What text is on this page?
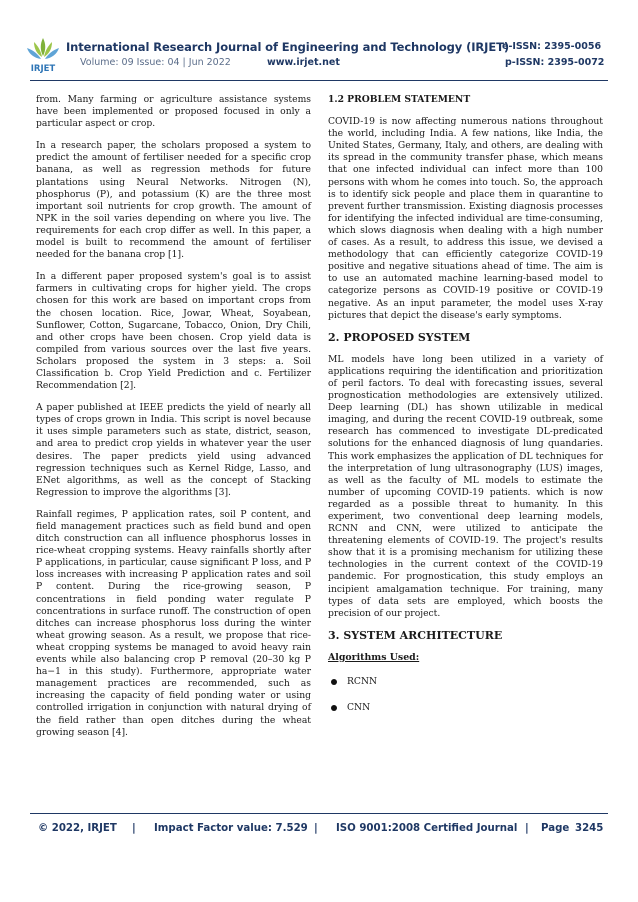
IRJET
International Research Journal of Engineering and Technology (IRJET)
e-ISSN: 2395-0056
Volume: 09 Issue: 04 | Jun 2022	www.irjet.net	p-ISSN: 2395-0072

from. Many farming or agriculture assistance systems have been implemented or proposed focused in only a particular aspect or crop.

In a research paper, the scholars proposed a system to predict the amount of fertiliser needed for a specific crop banana, as well as regression methods for future plantations using Neural Networks. Nitrogen (N), phosphorus (P), and potassium (K) are the three most important soil nutrients for crop growth. The amount of NPK in the soil varies depending on where you live. The requirements for each crop differ as well. In this paper, a model is built to recommend the amount of fertiliser needed for the banana crop [1].

In a different paper proposed system's goal is to assist farmers in cultivating crops for higher yield. The crops chosen for this work are based on important crops from the chosen location. Rice, Jowar, Wheat, Soyabean, Sunflower, Cotton, Sugarcane, Tobacco, Onion, Dry Chili, and other crops have been chosen. Crop yield data is compiled from various sources over the last five years. Scholars proposed the system in 3 steps: a. Soil Classification b. Crop Yield Prediction and c. Fertilizer Recommendation [2].

A paper published at IEEE predicts the yield of nearly all types of crops grown in India. This script is novel because it uses simple parameters such as state, district, season, and area to predict crop yields in whatever year the user desires. The paper predicts yield using advanced regression techniques such as Kernel Ridge, Lasso, and ENet algorithms, as well as the concept of Stacking Regression to improve the algorithms [3].

Rainfall regimes, P application rates, soil P content, and field management practices such as field bund and open ditch construction can all influence phosphorus losses in rice-wheat cropping systems. Heavy rainfalls shortly after P applications, in particular, cause significant P loss, and P loss increases with increasing P application rates and soil P content. During the rice-growing season, P concentrations in field ponding water regulate P concentrations in surface runoff. The construction of open ditches can increase phosphorus loss during the winter wheat growing season. As a result, we propose that rice-wheat cropping systems be managed to avoid heavy rain events while also balancing crop P removal (20–30 kg P ha−1 in this study). Furthermore, appropriate water management practices are recommended, such as increasing the capacity of field ponding water or using controlled irrigation in conjunction with natural drying of the field rather than open ditches during the wheat growing season [4].

1.2 PROBLEM STATEMENT

COVID-19 is now affecting numerous nations throughout the world, including India. A few nations, like India, the United States, Germany, Italy, and others, are dealing with its spread in the community transfer phase, which means that one infected individual can infect more than 100 persons with whom he comes into touch. So, the approach is to identify sick people and place them in quarantine to prevent further transmission. Existing diagnosis processes for identifying the infected individual are time-consuming, which slows diagnosis when dealing with a high number of cases. As a result, to address this issue, we devised a methodology that can efficiently categorize COVID-19 positive and negative situations ahead of time. The aim is to use an automated machine learning-based model to categorize persons as COVID-19 positive or COVID-19 negative. As an input parameter, the model uses X-ray pictures that depict the disease's early symptoms.

2. PROPOSED SYSTEM

ML models have long been utilized in a variety of applications requiring the identification and prioritization of peril factors. To deal with forecasting issues, several prognostication methodologies are extensively utilized. Deep learning (DL) has shown utilizable in medical imaging, and during the recent COVID-19 outbreak, some research has commenced to investigate DL-predicated solutions for the enhanced diagnosis of lung quandaries. This work emphasizes the application of DL techniques for the interpretation of lung ultrasonography (LUS) images, as well as the faculty of ML models to estimate the number of upcoming COVID-19 patients. which is now regarded as a possible threat to humanity. In this experiment, two conventional deep learning models, RCNN and CNN, were utilized to anticipate the threatening elements of COVID-19. The project's results show that it is a promising mechanism for utilizing these technologies in the current context of the COVID-19 pandemic. For prognostication, this study employs an incipient amalgamation technique. For training, many types of data sets are employed, which boosts the precision of our project.

3. SYSTEM ARCHITECTURE
Algorithms Used:
RCNN
CNN
© 2022, IRJET | Impact Factor value: 7.529 | ISO 9001:2008 Certified Journal | Page 3245
